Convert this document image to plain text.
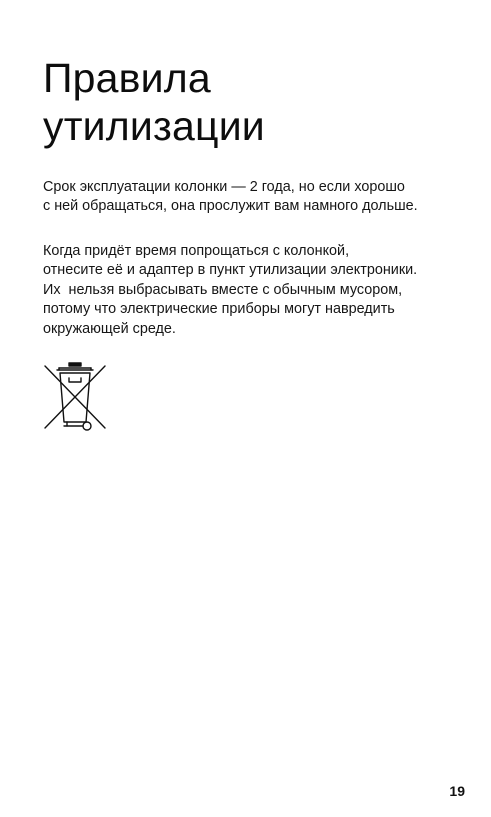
Правила
утилизации

Срок эксплуатации колонки — 2 года, но если хорошо
с ней обращаться, она прослужит вам намного дольше.

Когда придёт время попрощаться с колонкой,
отнесите её и адаптер в пункт утилизации электроники.
Их  нельзя выбрасывать вместе с обычным мусором,
потому что электрические приборы могут навредить
окружающей среде.

19
